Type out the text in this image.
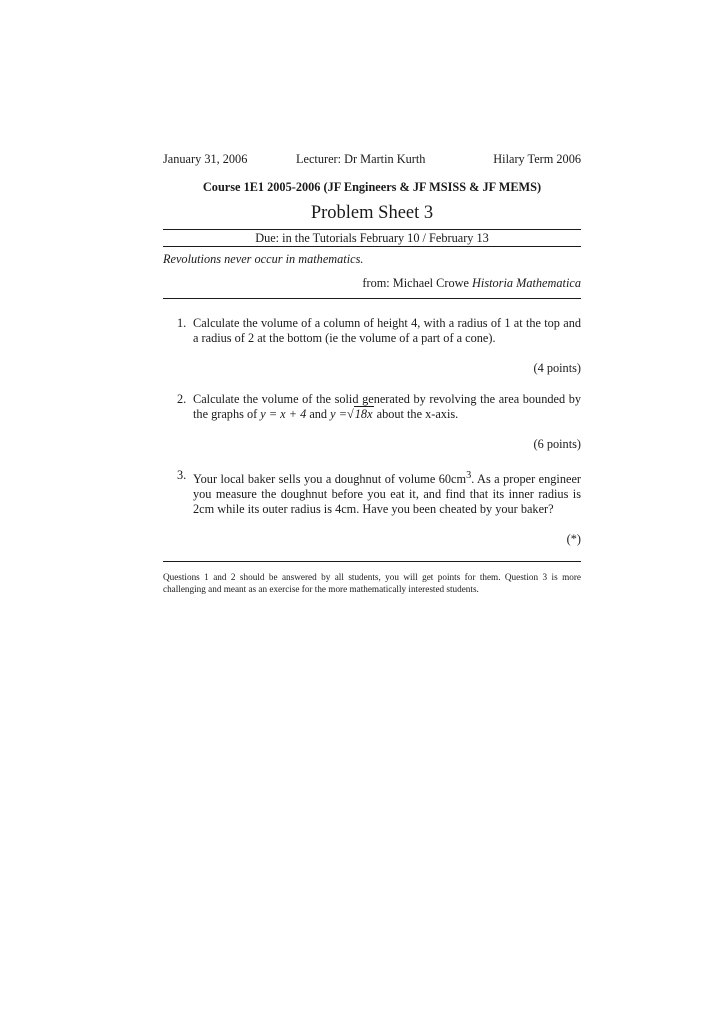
January 31, 2006	Lecturer: Dr Martin Kurth	Hilary Term 2006
Course 1E1 2005-2006 (JF Engineers & JF MSISS & JF MEMS)
Problem Sheet 3
Due: in the Tutorials February 10 / February 13
Revolutions never occur in mathematics.
from: Michael Crowe Historia Mathematica
1. Calculate the volume of a column of height 4, with a radius of 1 at the top and a radius of 2 at the bottom (ie the volume of a part of a cone).
(4 points)
2. Calculate the volume of the solid generated by revolving the area bounded by the graphs of y = x + 4 and y =√18x about the x-axis.
(6 points)
3. Your local baker sells you a doughnut of volume $60cm^3$. As a proper engineer you measure the doughnut before you eat it, and find that its inner radius is 2cm while its outer radius is 4cm. Have you been cheated by your baker?
(*)
Questions 1 and 2 should be answered by all students, you will get points for them. Question 3 is more challenging and meant as an exercise for the more mathematically interested students.
